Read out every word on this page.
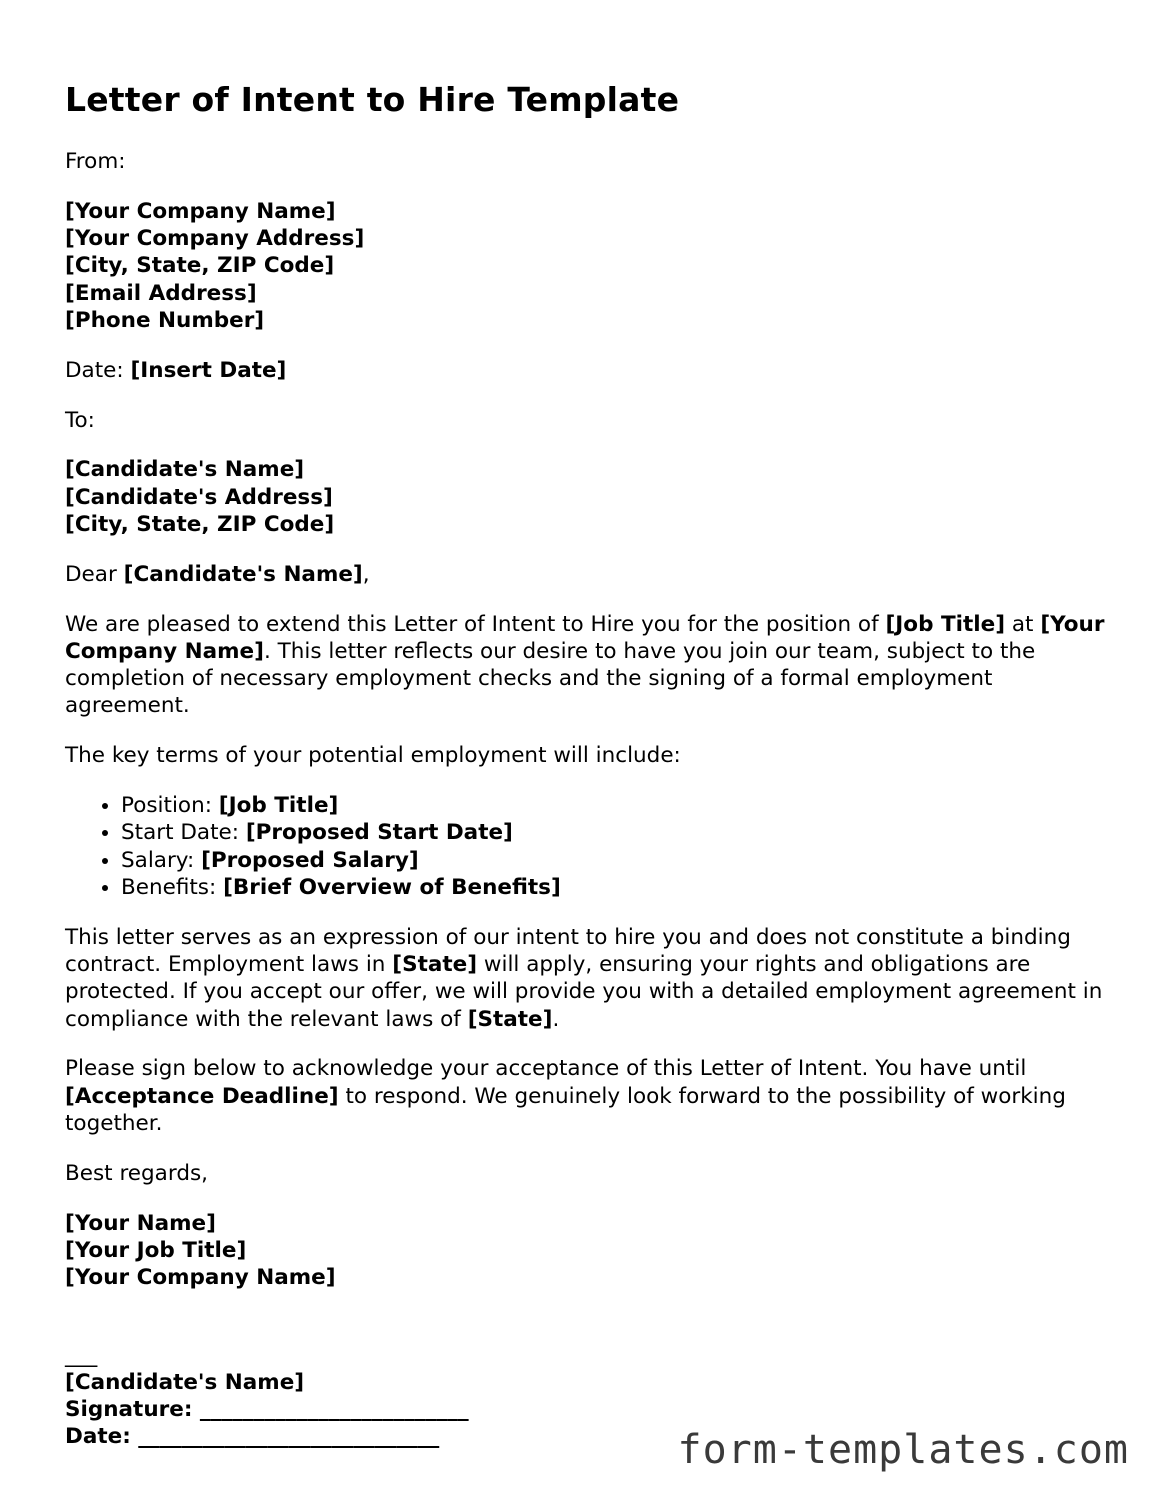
Letter of Intent to Hire Template

From:

[Your Company Name]
[Your Company Address]
[City, State, ZIP Code]
[Email Address]
[Phone Number]

Date: [Insert Date]

To:

[Candidate's Name]
[Candidate's Address]
[City, State, ZIP Code]

Dear [Candidate's Name],

We are pleased to extend this Letter of Intent to Hire you for the position of [Job Title] at [Your Company Name]. This letter reflects our desire to have you join our team, subject to the completion of necessary employment checks and the signing of a formal employment agreement.

The key terms of your potential employment will include:

• Position: [Job Title]
• Start Date: [Proposed Start Date]
• Salary: [Proposed Salary]
• Benefits: [Brief Overview of Benefits]

This letter serves as an expression of our intent to hire you and does not constitute a binding contract. Employment laws in [State] will apply, ensuring your rights and obligations are protected. If you accept our offer, we will provide you with a detailed employment agreement in compliance with the relevant laws of [State].

Please sign below to acknowledge your acceptance of this Letter of Intent. You have until [Acceptance Deadline] to respond. We genuinely look forward to the possibility of working together.

Best regards,

[Your Name]
[Your Job Title]
[Your Company Name]

___
[Candidate's Name]
Signature: _________________________
Date: ____________________________	form-templates.com
